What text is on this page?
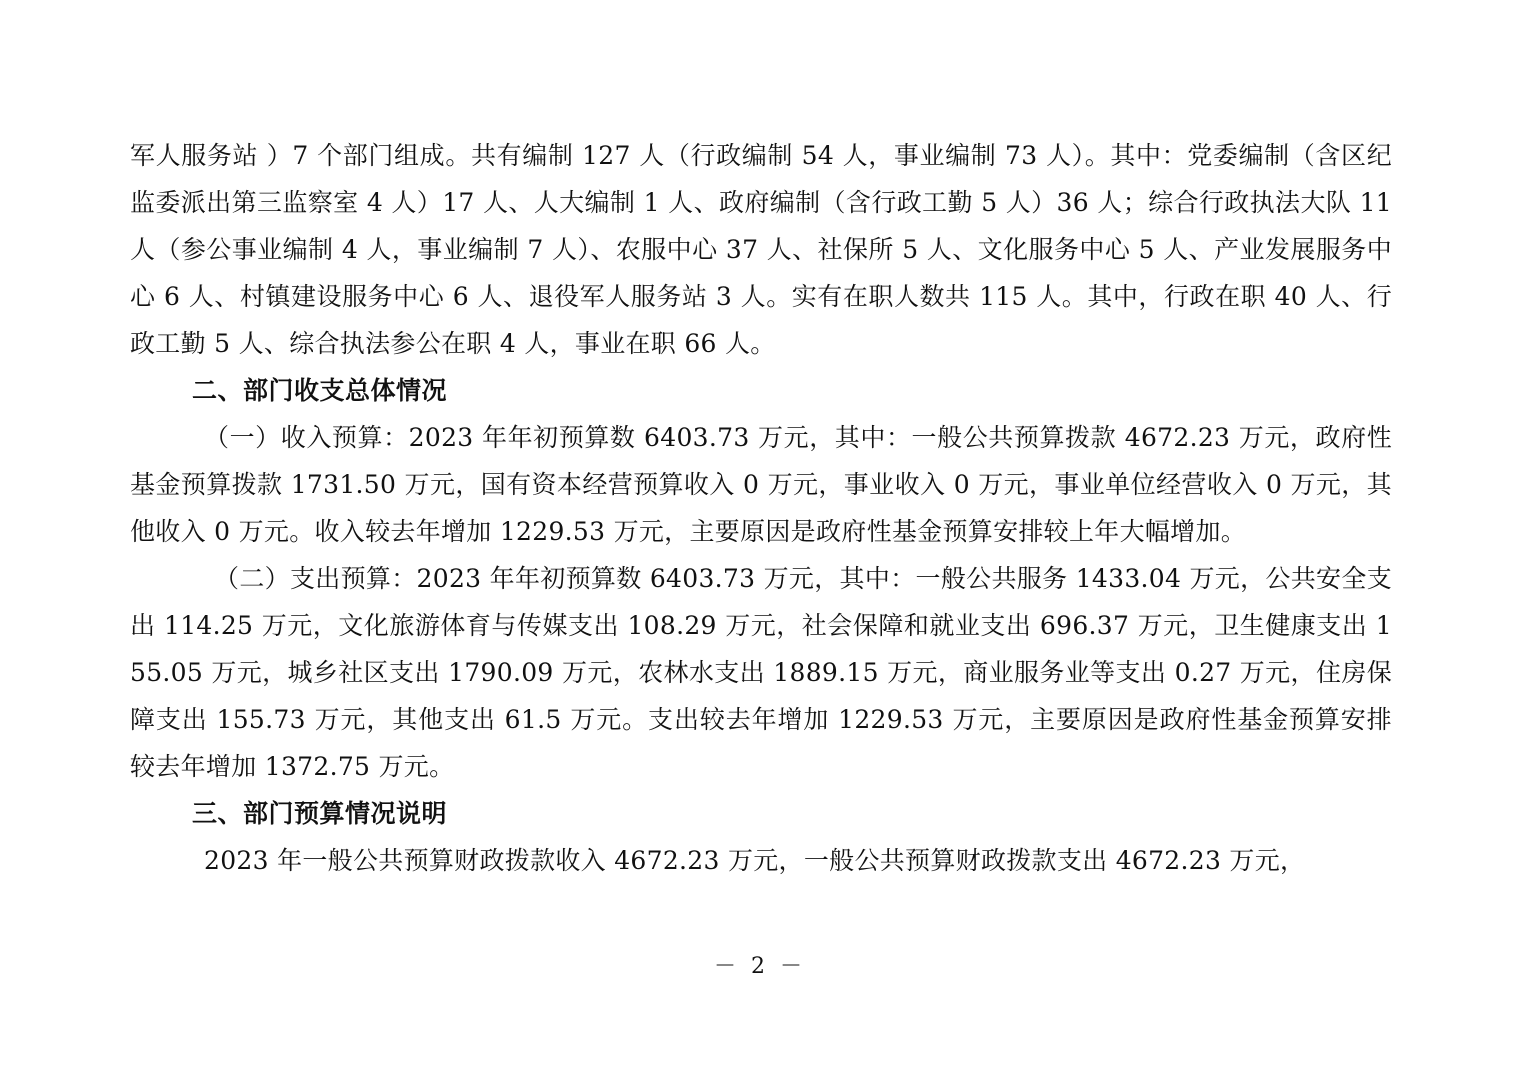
军人服务站 ）7 个部门组成。共有编制 127 人（行政编制 54 人，事业编制 73 人）。其中：党委编制（含区纪监委派出第三监察室 4 人）17 人、人大编制 1 人、政府编制（含行政工勤 5 人）36 人；综合行政执法大队 11 人（参公事业编制 4 人，事业编制 7 人）、农服中心 37 人、社保所 5 人、文化服务中心 5 人、产业发展服务中心 6 人、村镇建设服务中心 6 人、退役军人服务站 3 人。实有在职人数共 115 人。其中，行政在职 40 人、行政工勤 5 人、综合执法参公在职 4 人，事业在职 66 人。

二、部门收支总体情况

（一）收入预算：2023 年年初预算数 6403.73 万元，其中：一般公共预算拨款 4672.23 万元，政府性基金预算拨款 1731.50 万元，国有资本经营预算收入 0 万元，事业收入 0 万元，事业单位经营收入 0 万元，其他收入 0 万元。收入较去年增加 1229.53 万元，主要原因是政府性基金预算安排较上年大幅增加。

（二）支出预算：2023 年年初预算数 6403.73 万元，其中：一般公共服务 1433.04 万元，公共安全支出 114.25 万元，文化旅游体育与传媒支出 108.29 万元，社会保障和就业支出 696.37 万元，卫生健康支出 155.05 万元，城乡社区支出 1790.09 万元，农林水支出 1889.15 万元，商业服务业等支出 0.27 万元，住房保障支出 155.73 万元，其他支出 61.5 万元。支出较去年增加 1229.53 万元，主要原因是政府性基金预算安排较去年增加 1372.75 万元。

三、部门预算情况说明

2023 年一般公共预算财政拨款收入 4672.23 万元，一般公共预算财政拨款支出 4672.23 万元，

－ 2 －
